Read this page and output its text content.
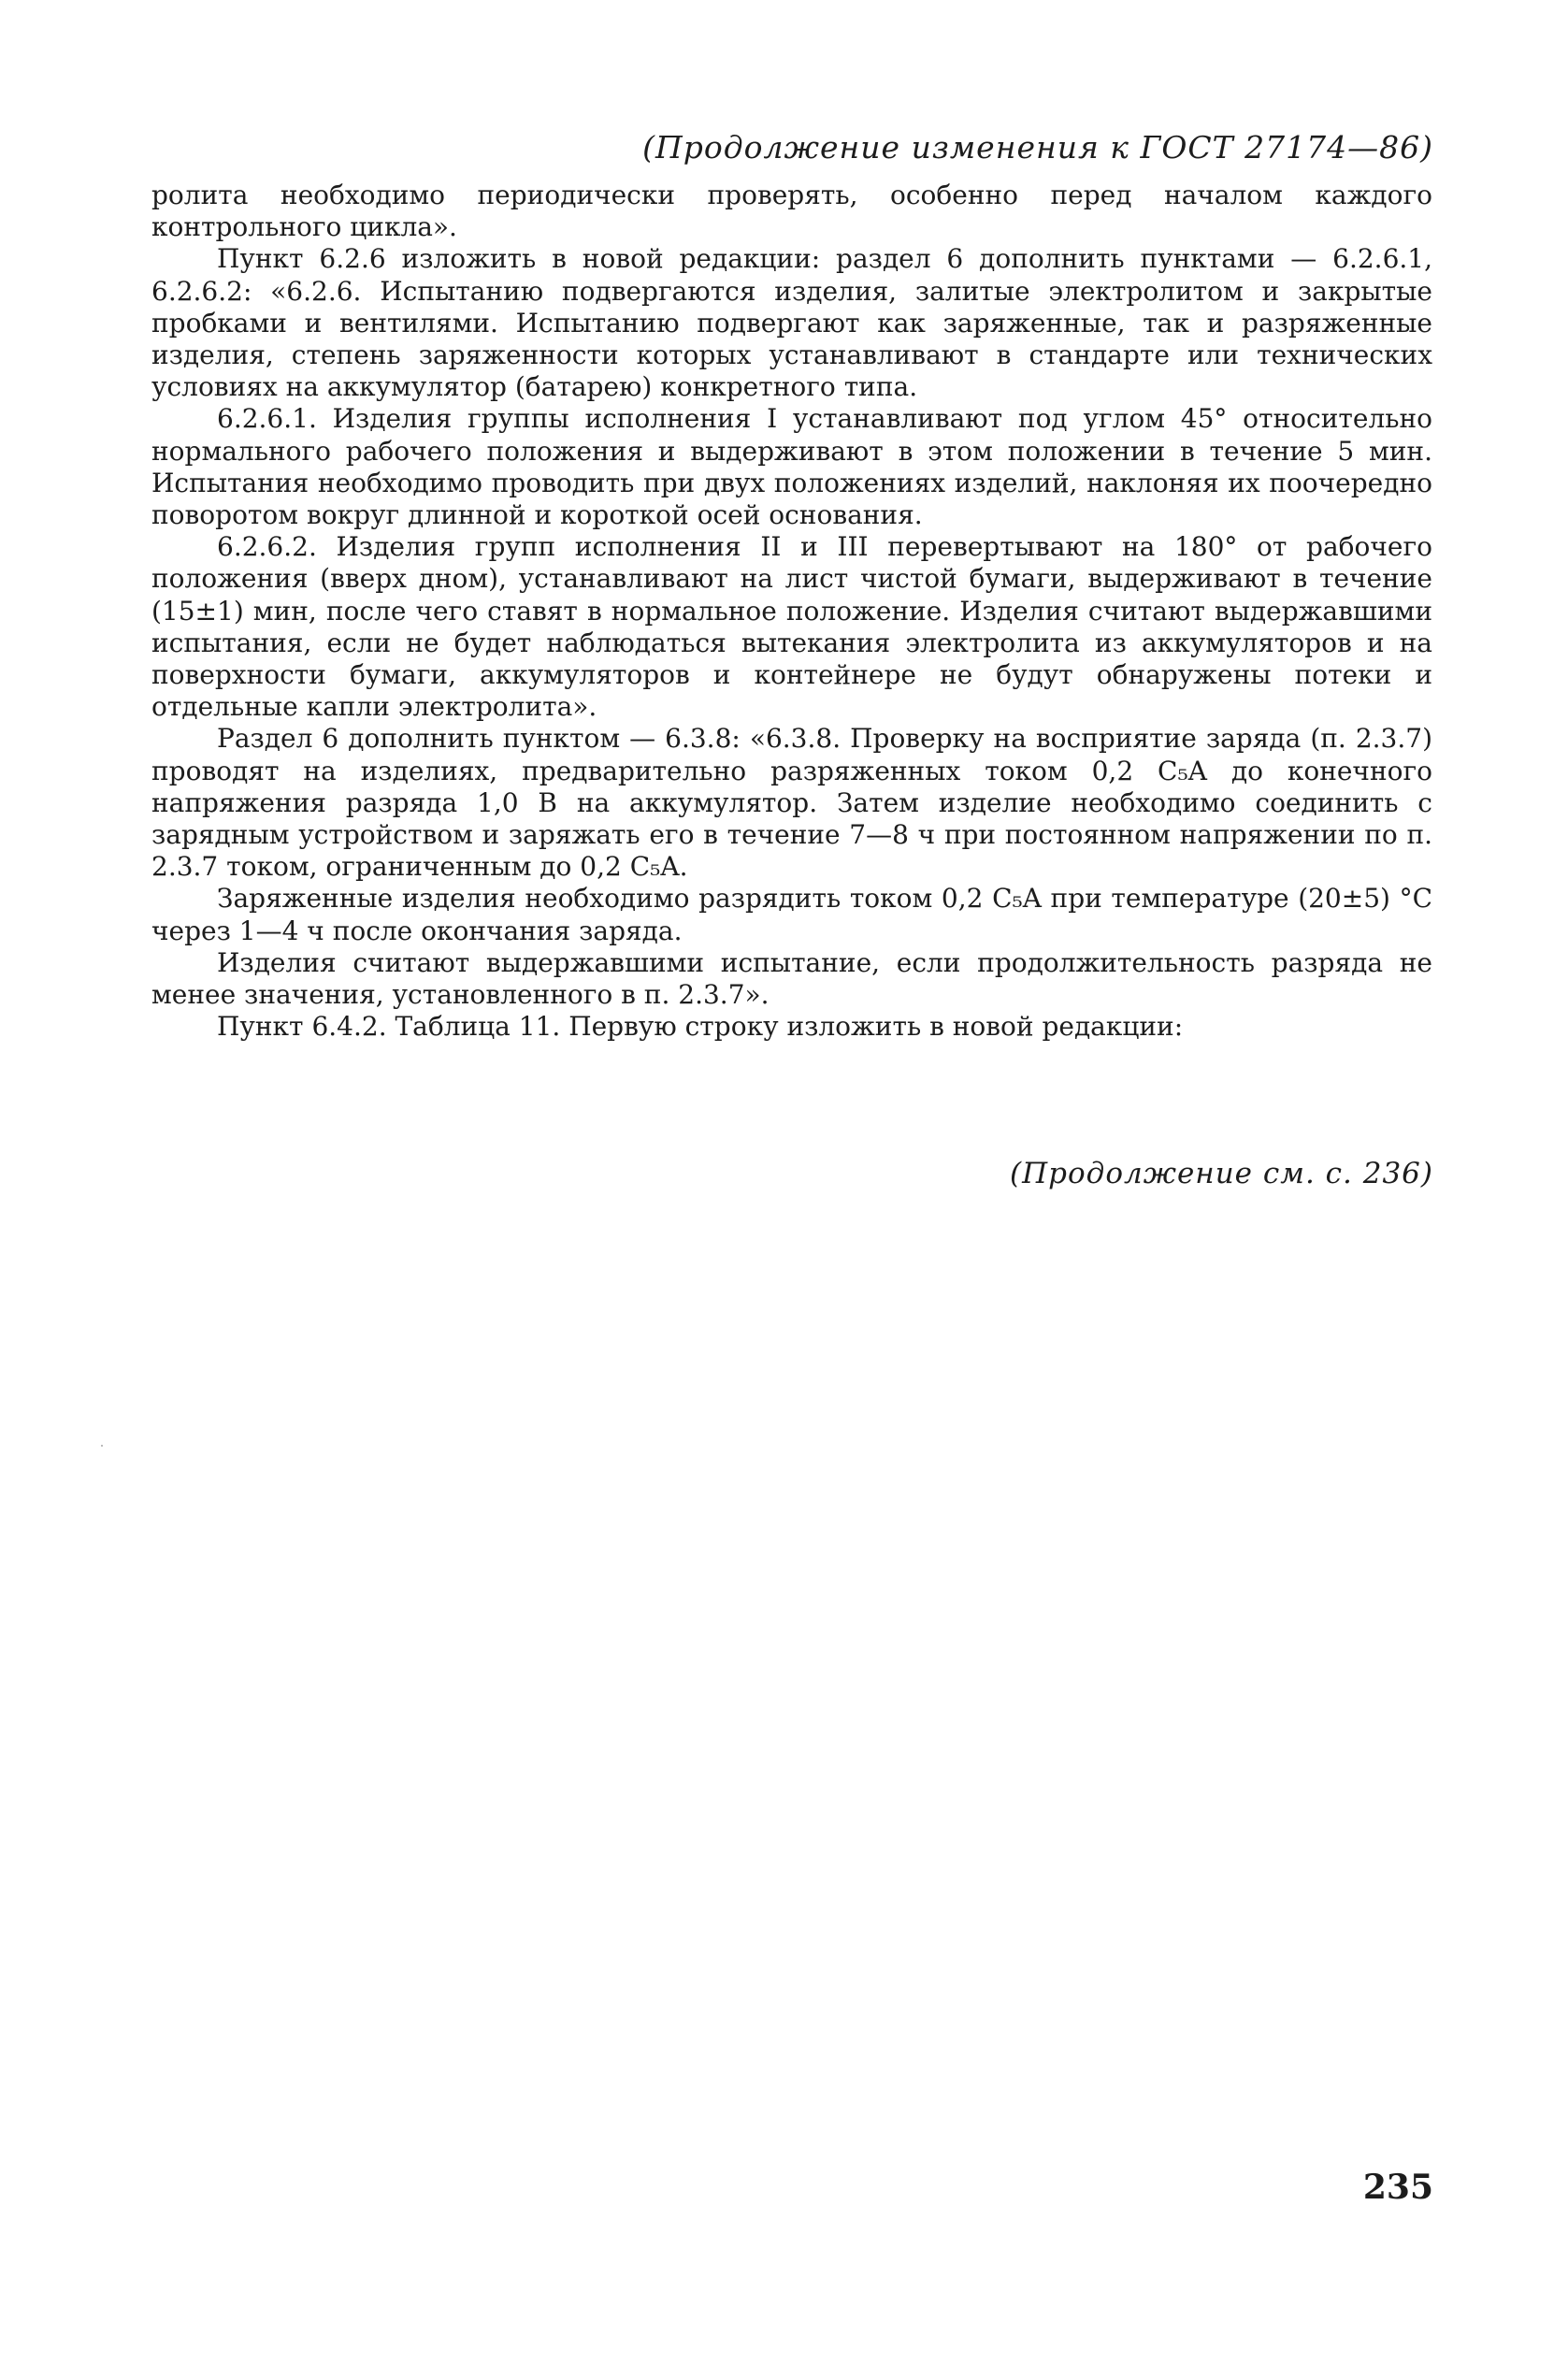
(Продолжение изменения к ГОСТ 27174—86)

ролита необходимо периодически проверять, особенно перед началом каждого контрольного цикла».

Пункт 6.2.6 изложить в новой редакции: раздел 6 дополнить пунктами — 6.2.6.1, 6.2.6.2: «6.2.6. Испытанию подвергаются изделия, залитые электролитом и закрытые пробками и вентилями. Испытанию подвергают как заряженные, так и разряженные изделия, степень заряженности которых устанавливают в стандарте или технических условиях на аккумулятор (батарею) конкретного типа.

6.2.6.1. Изделия группы исполнения I устанавливают под углом 45° относительно нормального рабочего положения и выдерживают в этом положении в течение 5 мин. Испытания необходимо проводить при двух положениях изделий, наклоняя их поочередно поворотом вокруг длинной и короткой осей основания.

6.2.6.2. Изделия групп исполнения II и III перевертывают на 180° от рабочего положения (вверх дном), устанавливают на лист чистой бумаги, выдерживают в течение (15±1) мин, после чего ставят в нормальное положение. Изделия считают выдержавшими испытания, если не будет наблюдаться вытекания электролита из аккумуляторов и на поверхности бумаги, аккумуляторов и контейнере не будут обнаружены потеки и отдельные капли электролита».

Раздел 6 дополнить пунктом — 6.3.8: «6.3.8. Проверку на восприятие заряда (п. 2.3.7) проводят на изделиях, предварительно разряженных током 0,2 C₅A до конечного напряжения разряда 1,0 В на аккумулятор. Затем изделие необходимо соединить с зарядным устройством и заряжать его в течение 7—8 ч при постоянном напряжении по п. 2.3.7 током, ограниченным до 0,2 C₅A.

Заряженные изделия необходимо разрядить током 0,2 C₅A при температуре (20±5) °С через 1—4 ч после окончания заряда.

Изделия считают выдержавшими испытание, если продолжительность разряда не менее значения, установленного в п. 2.3.7».

Пункт 6.4.2. Таблица 11. Первую строку изложить в новой редакции:

(Продолжение см. с. 236)
235
